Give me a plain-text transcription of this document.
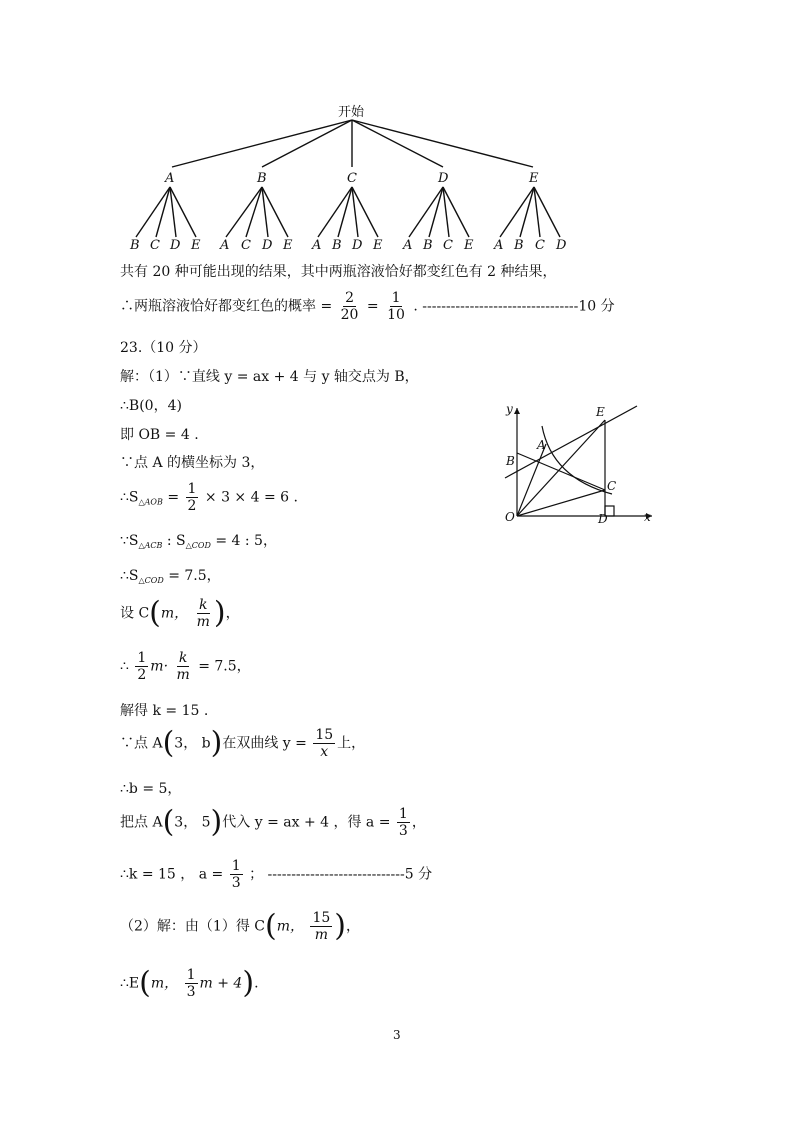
开始
A	B	C	D	E
B C D E A C D E A B D E A B C E A B C D
共有 20 种可能出现的结果，其中两瓶溶液恰好都变红色有 2 种结果，
∴两瓶溶液恰好都变红色的概率 = $\frac{2}{20} = \frac{1}{10}$ . ---------------------------------10 分
23.（10 分）
解：（1）∵直线 y = ax + 4 与 y 轴交点为 B，
∴B(0，4)
即 OB = 4 .
∵点 A 的横坐标为 3，
$\therefore S_{\triangle AOB} = \frac{1}{2} \times 3 \times 4 = 6$ .
$\because S_{\triangle ACB}$ : $S_{\triangle COD} = 4$ : 5，
$\therefore S_{\triangle COD} = 7.5$，
设 C(m， $\frac{k}{m}$ )，
∴ $\frac{1}{2} m\cdot \frac{k}{m} = 7.5$，
解得 k = 15 .
∵点 A(3， b)在双曲线 $y = \frac{15}{x}$ 上，
∴b = 5，
把点 A(3， 5)代入 y = ax + 4 ，得 $a = \frac{1}{3}$ ，
∴k = 15 ， $a = \frac{1}{3}$ ； -----------------------------5 分
（2）解：由（1）得 C(m， $\frac{15}{m}$ )，
∴E(m， $\frac{1}{3}$ m + 4).
y	E
A
B
C
O	D	x
3
